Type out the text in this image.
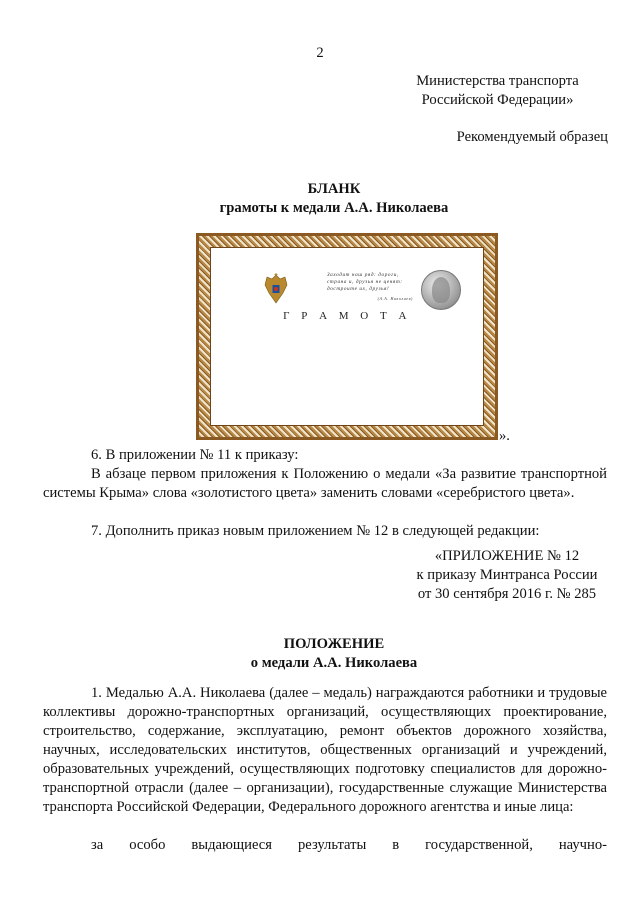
2
Министерства транспорта
Российской Федерации»
Рекомендуемый образец
БЛАНК
грамоты к медали А.А. Николаева
Заходит наш ряд: дороги, страна и, друзья не ценят: достроите их, друзья!
(А.А. Николаев)
Г Р А М О Т А
».
6. В приложении № 11 к приказу:
В абзаце первом приложения к Положению о медали «За развитие транспортной системы Крыма» слова «золотистого цвета» заменить словами «серебристого цвета».
7. Дополнить приказ новым приложением № 12 в следующей редакции:
«ПРИЛОЖЕНИЕ № 12
к приказу Минтранса России
от 30 сентября 2016 г. № 285
ПОЛОЖЕНИЕ
о медали А.А. Николаева
1. Медалью А.А. Николаева (далее – медаль) награждаются работники и трудовые коллективы дорожно-транспортных организаций, осуществляющих проектирование, строительство, содержание, эксплуатацию, ремонт объектов дорожного хозяйства, научных, исследовательских институтов, общественных организаций и учреждений, образовательных учреждений, осуществляющих подготовку специалистов для дорожно-транспортной отрасли (далее – организации), государственные служащие Министерства транспорта Российской Федерации, Федерального дорожного агентства и иные лица:
за особо выдающиеся результаты в государственной, научно-
